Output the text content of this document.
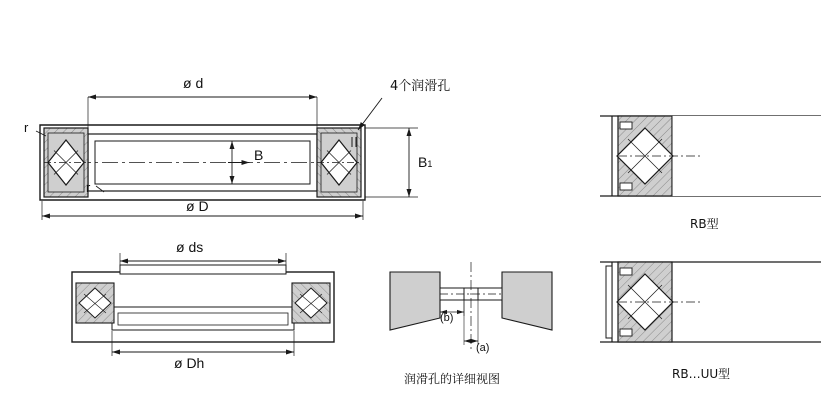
ø d
ø D
B	B1
r
r
4个润滑孔
ø ds
ø Dh
(b)
(a)
润滑孔的详细视图
RB型
RB…UU型
